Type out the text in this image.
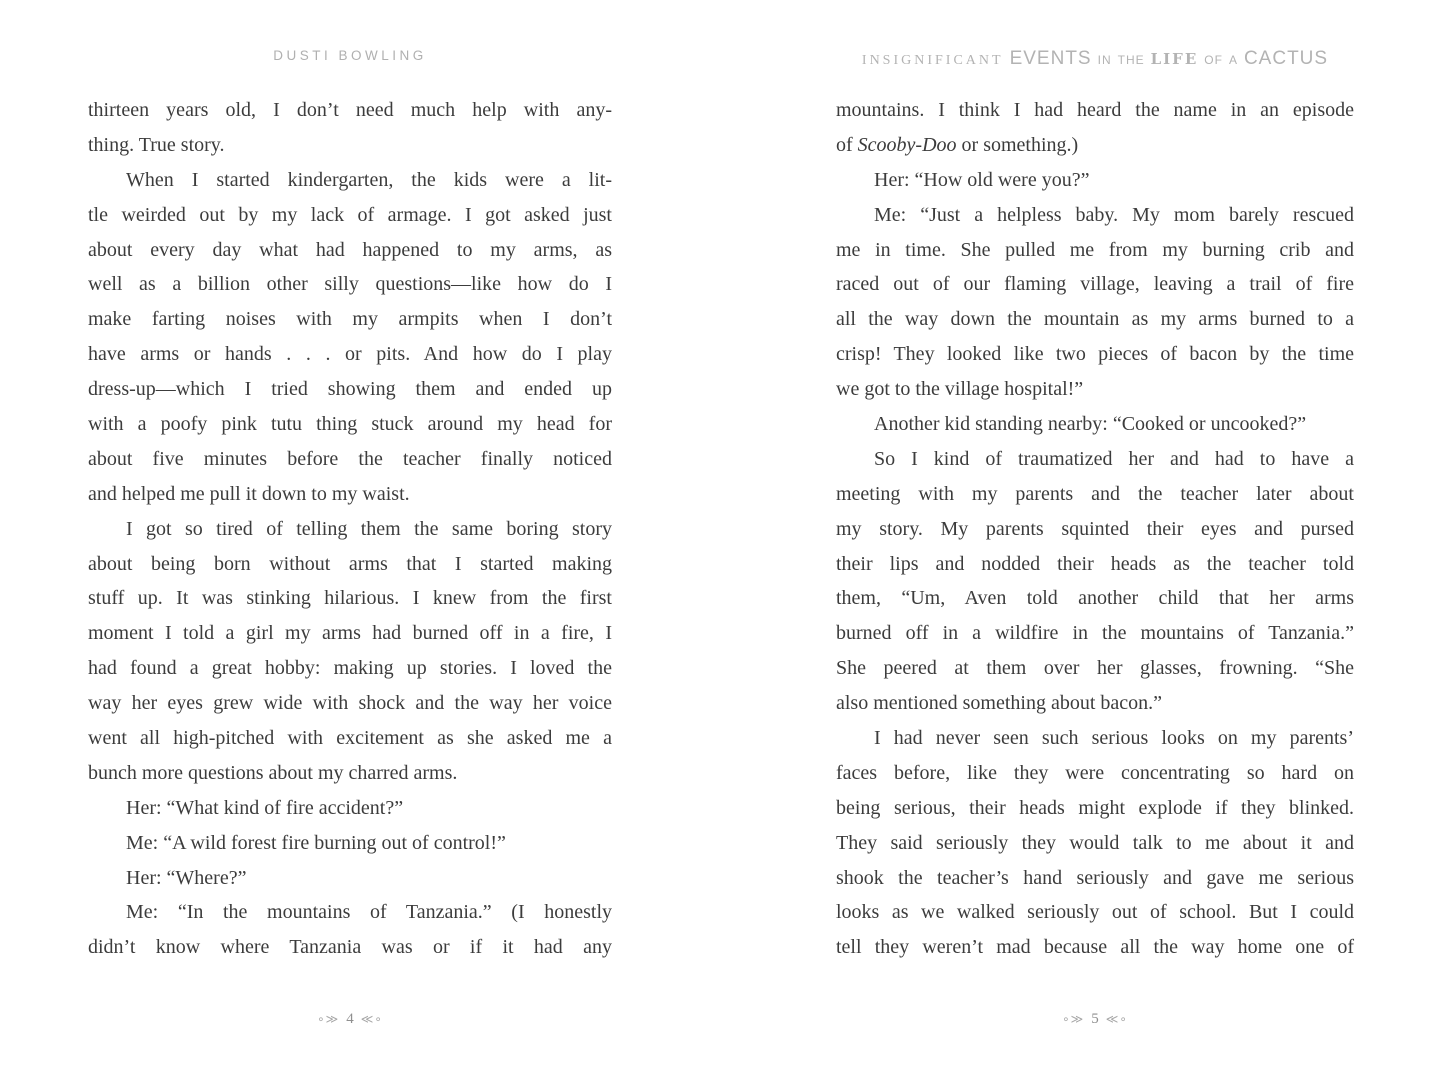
DUSTI BOWLING	INSIGNIFICANT EVENTS IN THE LIFE OF A CACTUS
thirteen years old, I don’t need much help with any-
thing. True story.
When I started kindergarten, the kids were a lit-
tle weirded out by my lack of armage. I got asked just
about every day what had happened to my arms, as
well as a billion other silly questions—like how do I
make farting noises with my armpits when I don’t
have arms or hands . . . or pits. And how do I play
dress-up—which I tried showing them and ended up
with a poofy pink tutu thing stuck around my head for
about five minutes before the teacher finally noticed
and helped me pull it down to my waist.
I got so tired of telling them the same boring story
about being born without arms that I started making
stuff up. It was stinking hilarious. I knew from the first
moment I told a girl my arms had burned off in a fire, I
had found a great hobby: making up stories. I loved the
way her eyes grew wide with shock and the way her voice
went all high-pitched with excitement as she asked me a
bunch more questions about my charred arms.
Her: “What kind of fire accident?”
Me: “A wild forest fire burning out of control!”
Her: “Where?”
Me: “In the mountains of Tanzania.” (I honestly
didn’t know where Tanzania was or if it had any
mountains. I think I had heard the name in an episode
of Scooby-Doo or something.)
Her: “How old were you?”
Me: “Just a helpless baby. My mom barely rescued
me in time. She pulled me from my burning crib and
raced out of our flaming village, leaving a trail of fire
all the way down the mountain as my arms burned to a
crisp! They looked like two pieces of bacon by the time
we got to the village hospital!”
Another kid standing nearby: “Cooked or uncooked?”
So I kind of traumatized her and had to have a
meeting with my parents and the teacher later about
my story. My parents squinted their eyes and pursed
their lips and nodded their heads as the teacher told
them, “Um, Aven told another child that her arms
burned off in a wildfire in the mountains of Tanzania.”
She peered at them over her glasses, frowning. “She
also mentioned something about bacon.”
I had never seen such serious looks on my parents’
faces before, like they were concentrating so hard on
being serious, their heads might explode if they blinked.
They said seriously they would talk to me about it and
shook the teacher’s hand seriously and gave me serious
looks as we walked seriously out of school. But I could
tell they weren’t mad because all the way home one of
∘≫ 4 ≪∘	∘≫ 5 ≪∘
